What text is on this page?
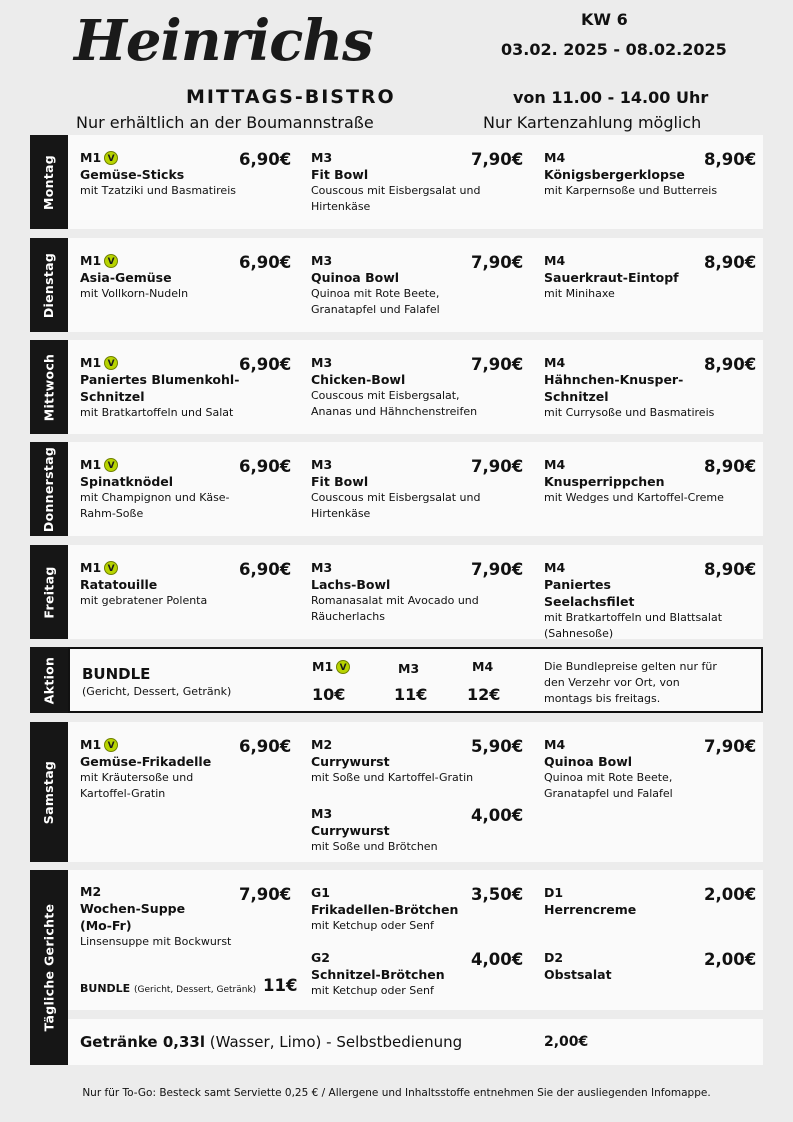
Heinrichs
MITTAGS-BISTRO
Nur erhältlich an der Boumannstraße
KW 6
03.02. 2025 - 08.02.2025
von 11.00 - 14.00 Uhr
Nur Kartenzahlung möglich
Montag M1 V
Gemüse-Sticks
mit Tzatziki und Basmatireis
6,90€ M3
Fit Bowl
Couscous mit Eisbergsalat und Hirtenkäse
7,90€ M4
Königsbergerklopse
mit Karpernsoße und Butterreis
8,90€
Dienstag M1 V
Asia-Gemüse
mit Vollkorn-Nudeln
6,90€ M3
Quinoa Bowl
Quinoa mit Rote Beete, Granatapfel und Falafel
7,90€ M4
Sauerkraut-Eintopf
mit Minihaxe
8,90€
Mittwoch M1 V
Paniertes Blumenkohl-Schnitzel
mit Bratkartoffeln und Salat
6,90€ M3
Chicken-Bowl
Couscous mit Eisbergsalat, Ananas und Hähnchenstreifen
7,90€ M4
Hähnchen-Knusper-Schnitzel
mit Currysoße und Basmatireis
8,90€
Donnerstag M1 V
Spinatknödel
mit Champignon und Käse-Rahm-Soße
6,90€ M3
Fit Bowl
Couscous mit Eisbergsalat und Hirtenkäse
7,90€ M4
Knusperrippchen
mit Wedges und Kartoffel-Creme
8,90€
Freitag M1 V
Ratatouille
mit gebratener Polenta
6,90€ M3
Lachs-Bowl
Romanasalat mit Avocado und Räucherlachs
7,90€ M4
Paniertes Seelachsfilet
mit Bratkartoffeln und Blattsalat (Sahnesoße)
8,90€
Aktion BUNDLE
(Gericht, Dessert, Getränk)
M1 V
10€
M3
11€
M4
12€
Die Bundlepreise gelten nur für den Verzehr vor Ort, von montags bis freitags.
Samstag
M1 V
Gemüse-Frikadelle
mit Kräutersoße und Kartoffel-Gratin
6,90€ M2
Currywurst
mit Soße und Kartoffel-Gratin
5,90€
M3
Currywurst
mit Soße und Brötchen
4,00€
M4
Quinoa Bowl
Quinoa mit Rote Beete, Granatapfel und Falafel
7,90€
Tägliche Gerichte
M2
Wochen-Suppe
(Mo-Fr)
Linsensuppe mit Bockwurst
7,90€
BUNDLE (Gericht, Dessert, Getränk) 11€
G1
Frikadellen-Brötchen
mit Ketchup oder Senf
3,50€
G2
Schnitzel-Brötchen
mit Ketchup oder Senf
4,00€
D1
Herrencreme
2,00€
D2
Obstsalat
2,00€
Getränke 0,33l (Wasser, Limo) - Selbstbedienung	2,00€
Nur für To-Go: Besteck samt Serviette 0,25 € / Allergene und Inhaltsstoffe entnehmen Sie der ausliegenden Infomappe.
